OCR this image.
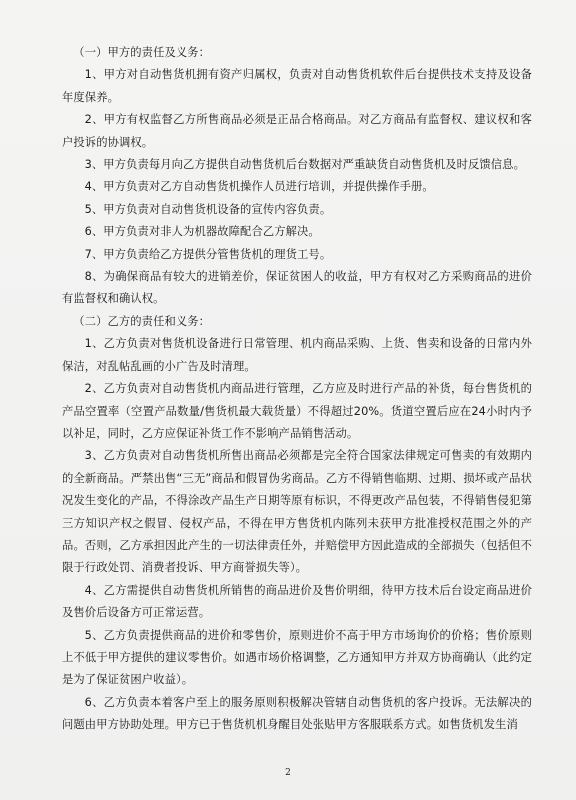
（一）甲方的责任及义务：

1、甲方对自动售货机拥有资产归属权，负责对自动售货机软件后台提供技术支持及设备年度保养。

2、甲方有权监督乙方所售商品必须是正品合格商品。对乙方商品有监督权、建议权和客户投诉的协调权。

3、甲方负责每月向乙方提供自动售货机后台数据对严重缺货自动售货机及时反馈信息。

4、甲方负责对乙方自动售货机操作人员进行培训，并提供操作手册。

5、甲方负责对自动售货机设备的宣传内容负责。

6、甲方负责对非人为机器故障配合乙方解决。

7、甲方负责给乙方提供分管售货机的理货工号。

8、为确保商品有较大的进销差价，保证贫困人的收益，甲方有权对乙方采购商品的进价有监督权和确认权。

（二）乙方的责任和义务：

1、乙方负责对售货机设备进行日常管理、机内商品采购、上货、售卖和设备的日常内外保洁，对乱帖乱画的小广告及时清理。

2、乙方负责对自动售货机内商品进行管理，乙方应及时进行产品的补货，每台售货机的产品空置率（空置产品数量/售货机最大载货量）不得超过20%。货道空置后应在24小时内予以补足，同时，乙方应保证补货工作不影响产品销售活动。

3、乙方负责对自动售货机所售出商品必须都是完全符合国家法律规定可售卖的有效期内的全新商品。严禁出售“三无”商品和假冒伪劣商品。乙方不得销售临期、过期、损坏或产品状况发生变化的产品，不得涂改产品生产日期等原有标识，不得更改产品包装，不得销售侵犯第三方知识产权之假冒、侵权产品，不得在甲方售货机内陈列未获甲方批准授权范围之外的产品。否则，乙方承担因此产生的一切法律责任外，并赔偿甲方因此造成的全部损失（包括但不限于行政处罚、消费者投诉、甲方商誉损失等）。

4、乙方需提供自动售货机所销售的商品进价及售价明细，待甲方技术后台设定商品进价及售价后设备方可正常运营。

5、乙方负责提供商品的进价和零售价，原则进价不高于甲方市场询价的价格；售价原则上不低于甲方提供的建议零售价。如遇市场价格调整，乙方通知甲方并双方协商确认（此约定是为了保证贫困户收益）。

6、乙方负责本着客户至上的服务原则积极解决管辖自动售货机的客户投诉。无法解决的问题由甲方协助处理。甲方已于售货机机身醒目处张贴甲方客服联系方式。如售货机发生消

2
